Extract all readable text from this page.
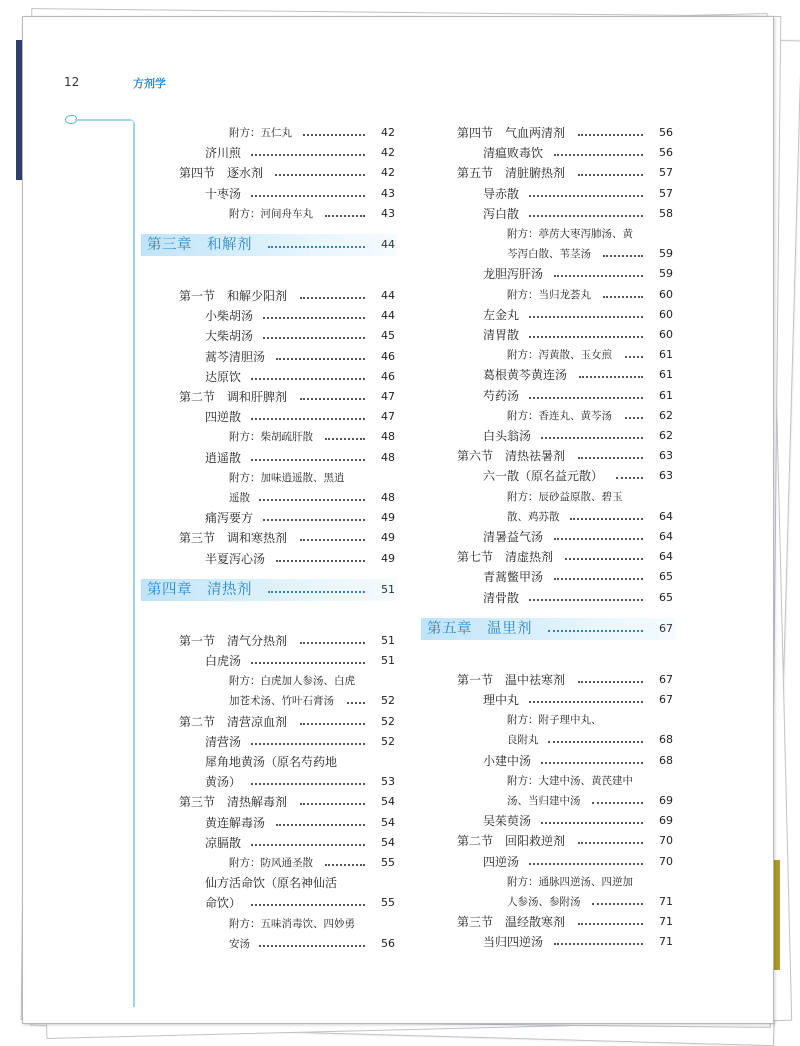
12	方剂学
附方：五仁丸	42
济川煎	42
第四节　逐水剂	42
十枣汤	43
附方：河间舟车丸	43
第三章　和解剂	44
第一节　和解少阳剂	44
小柴胡汤	44
大柴胡汤	45
蒿芩清胆汤	46
达原饮	46
第二节　调和肝脾剂	47
四逆散	47
附方：柴胡疏肝散	48
逍遥散	48
附方：加味逍遥散、黑逍
遥散	48
痛泻要方	49
第三节　调和寒热剂	49
半夏泻心汤	49
第四章　清热剂	51
第一节　清气分热剂	51
白虎汤	51
附方：白虎加人参汤、白虎
加苍术汤、竹叶石膏汤	52
第二节　清营凉血剂	52
清营汤	52
犀角地黄汤（原名芍药地
黄汤）	53
第三节　清热解毒剂	54
黄连解毒汤	54
凉膈散	54
附方：防风通圣散	55
仙方活命饮（原名神仙活
命饮）	55
附方：五味消毒饮、四妙勇
安汤	56
第四节　气血两清剂	56
清瘟败毒饮	56
第五节　清脏腑热剂	57
导赤散	57
泻白散	58
附方：葶苈大枣泻肺汤、黄
芩泻白散、苇茎汤	59
龙胆泻肝汤	59
附方：当归龙荟丸	60
左金丸	60
清胃散	60
附方：泻黄散、玉女煎	61
葛根黄芩黄连汤	61
芍药汤	61
附方：香连丸、黄芩汤	62
白头翁汤	62
第六节　清热祛暑剂	63
六一散（原名益元散）	63
附方：辰砂益原散、碧玉
散、鸡苏散	64
清暑益气汤	64
第七节　清虚热剂	64
青蒿鳖甲汤	65
清骨散	65
第五章　温里剂	67
第一节　温中祛寒剂	67
理中丸	67
附方：附子理中丸、
良附丸	68
小建中汤	68
附方：大建中汤、黄芪建中
汤、当归建中汤	69
吴茱萸汤	69
第二节　回阳救逆剂	70
四逆汤	70
附方：通脉四逆汤、四逆加
人参汤、参附汤	71
第三节　温经散寒剂	71
当归四逆汤	71
